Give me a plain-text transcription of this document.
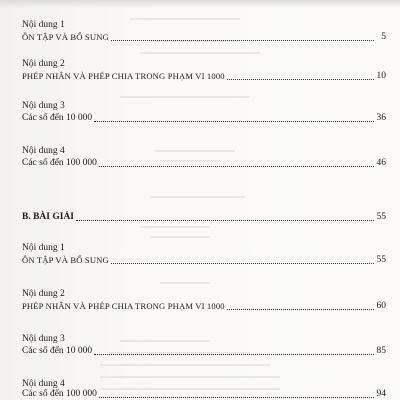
Nội dung 1
ÔN TẬP VÀ BỔ SUNG	5
Nội dung 2
PHÉP NHÂN VÀ PHÉP CHIA TRONG PHẠM VI 1000	10
Nội dung 3
Các số đến 10 000	36
Nội dung 4
Các số đến 100 000	46
B. BÀI GIẢI	55
Nội dung 1
ÔN TẬP VÀ BỔ SUNG	55
Nội dung 2
PHÉP NHÂN VÀ PHÉP CHIA TRONG PHẠM VI 1000	60
Nội dung 3
Các số đến 10 000	85
Nội dung 4
Các số đến 100 000	94
